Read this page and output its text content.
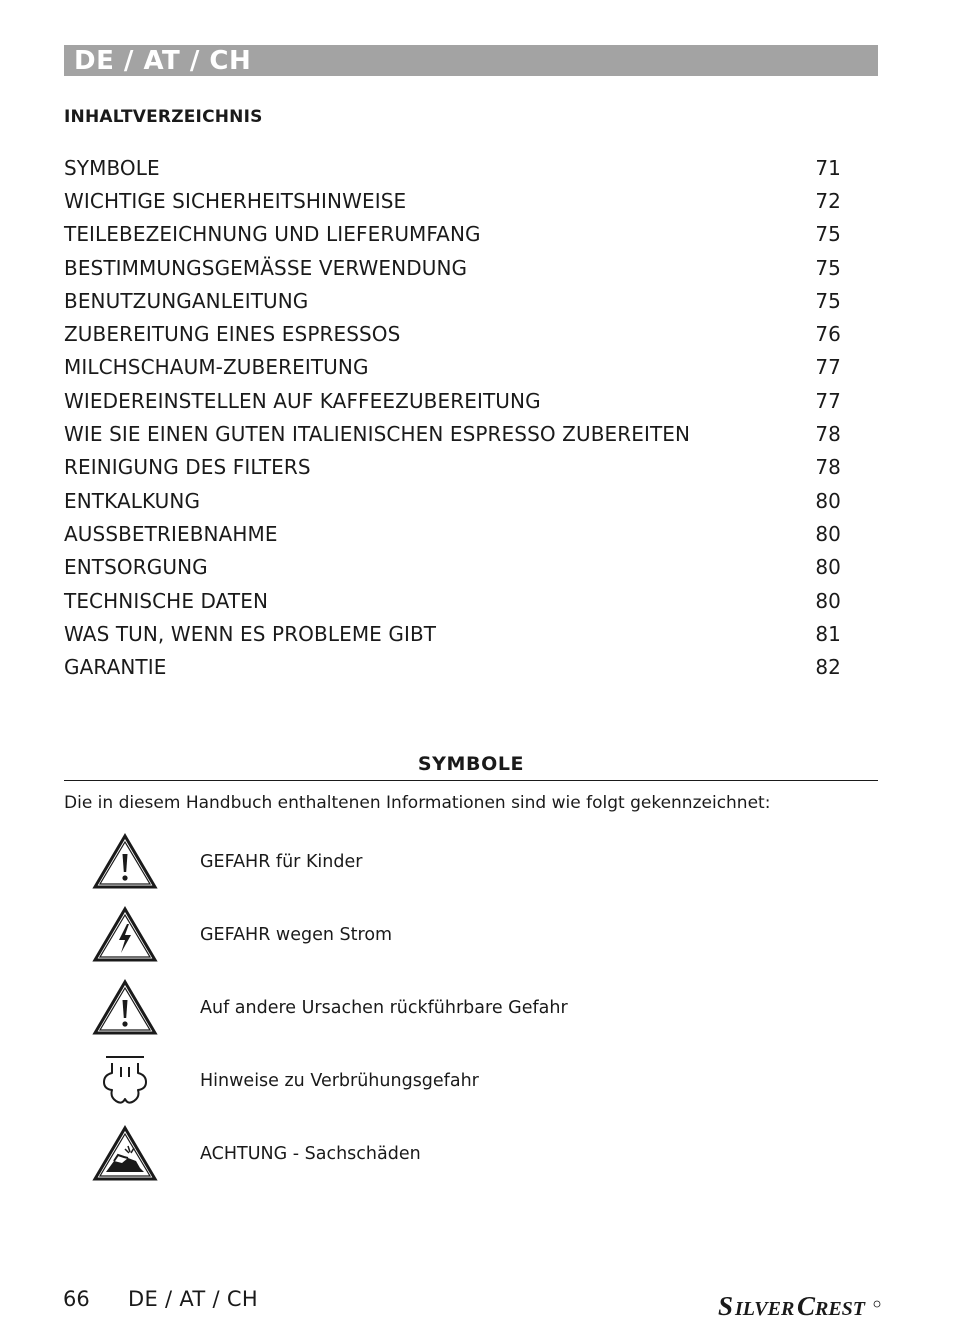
DE / AT / CH
INHALTVERZEICHNIS
SYMBOLE	71
WICHTIGE SICHERHEITSHINWEISE	72
TEILEBEZEICHNUNG UND LIEFERUMFANG	75
BESTIMMUNGSGEMÄSSE VERWENDUNG	75
BENUTZUNGANLEITUNG	75
ZUBEREITUNG EINES ESPRESSOS	76
MILCHSCHAUM-ZUBEREITUNG	77
WIEDEREINSTELLEN AUF KAFFEEZUBEREITUNG	77
WIE SIE EINEN GUTEN ITALIENISCHEN ESPRESSO ZUBEREITEN	78
REINIGUNG DES FILTERS	78
ENTKALKUNG	80
AUSSBETRIEBNAHME	80
ENTSORGUNG	80
TECHNISCHE DATEN	80
WAS TUN, WENN ES PROBLEME GIBT	81
GARANTIE	82
SYMBOLE
Die in diesem Handbuch enthaltenen Informationen sind wie folgt gekennzeichnet:
GEFAHR für Kinder
GEFAHR wegen Strom
Auf andere Ursachen rückführbare Gefahr
Hinweise zu Verbrühungsgefahr
ACHTUNG - Sachschäden
66 DE / AT / CH	S ILVER C REST
